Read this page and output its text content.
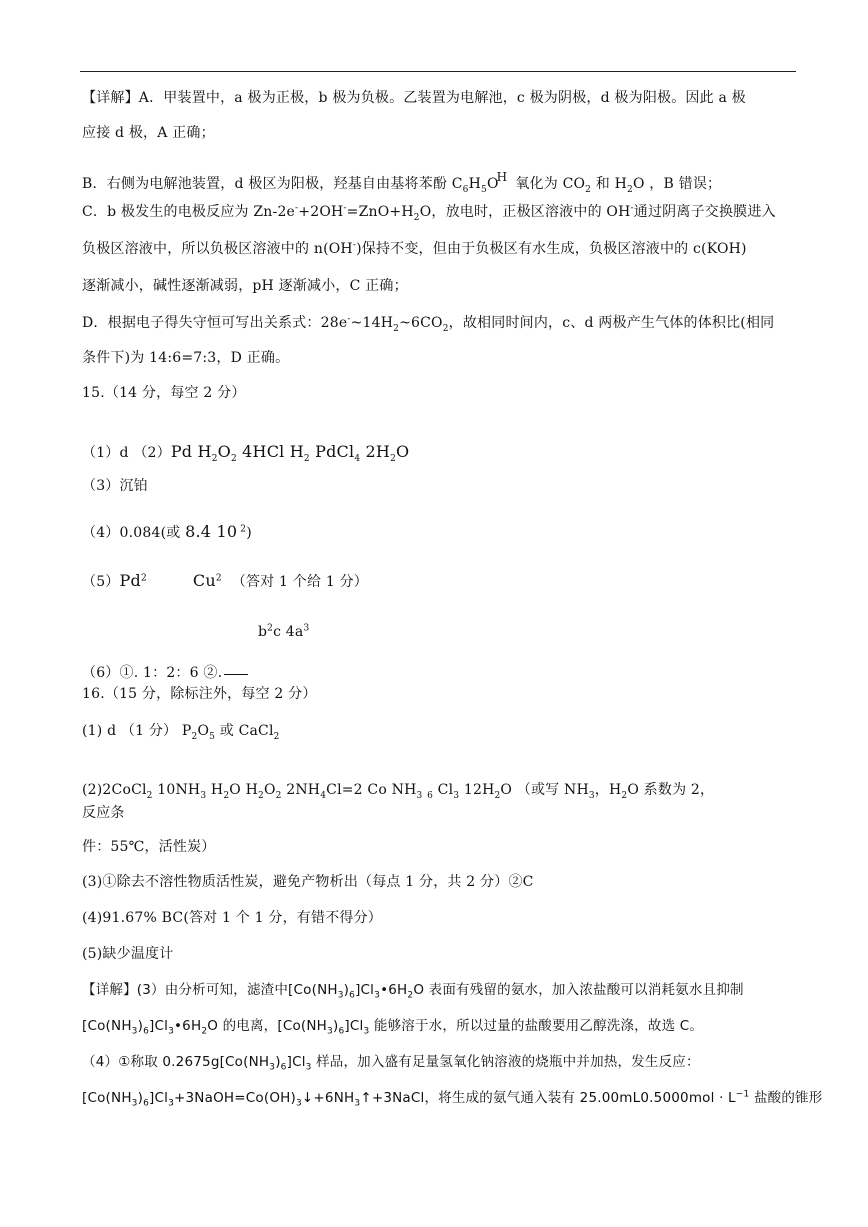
【详解】A．甲装置中，a 极为正极，b 极为负极。乙装置为电解池，c 极为阴极，d 极为阳极。因此 a 极
应接 d 极，A 正确；
B．右侧为电解池装置，d 极区为阳极，羟基自由基将苯酚 $C_6H_5OH$ 氧化为 $CO_2$ 和 $H_2O$ ，B 错误；
C．b 极发生的电极反应为 $Zn-2e^-+2OH^-=ZnO+H_2O$，放电时，正极区溶液中的 OH-通过阴离子交换膜进入
负极区溶液中，所以负极区溶液中的 n(OH-)保持不变，但由于负极区有水生成，负极区溶液中的 c(KOH)
逐渐减小，碱性逐渐减弱，pH 逐渐减小，C 正确；
D．根据电子得失守恒可写出关系式：$28e^-\sim 14H_2\sim 6CO_2$，故相同时间内，c、d 两极产生气体的体积比(相同
条件下)为 14:6=7:3，D 正确。
15.（14 分，每空 2 分）
（1）d （2）Pd $H_2O_2$ 4HCl $H_2$ PdCl$_4$ $2H_2O$
（3）沉铂
（4）0.084(或 8.4 10 $^2$)
（5）Pd$^2$	Cu$^2$ （答对 1 个给 1 分）
$b^2c$ $4a^3$
（6）①. 1：2：6 ②.
16.（15 分，除标注外，每空 2 分）
(1) d （1 分） $P_2O_5$ 或 CaCl$_2$
(2)2CoCl$_2$ $10NH_3$ $H_2O$ $H_2O_2$ $2NH_4Cl=2$ Co $NH_3$ $_6$ $Cl_3$ $12H_2O$ （或写 $NH_3$，$H_2O$ 系数为 2，
反应条
件：55℃，活性炭）
(3)①除去不溶性物质活性炭，避免产物析出（每点 1 分，共 2 分）②C
(4)91.67% BC(答对 1 个 1 分，有错不得分）
(5)缺少温度计
【详解】(3）由分析可知，滤渣中$[Co(NH_3)_6]Cl_3•6H_2O$ 表面有残留的氨水，加入浓盐酸可以消耗氨水且抑制
$[Co(NH_3)_6]Cl_3•6H_2O$ 的电离，$[Co(NH_3)_6]Cl_3$ 能够溶于水，所以过量的盐酸要用乙醇洗涤，故选 C。
（4）①称取 $0.2675g[Co(NH_3)_6]Cl_3$ 样品，加入盛有足量氢氧化钠溶液的烧瓶中并加热，发生反应：
$[Co(NH_3)_6]Cl_3+3NaOH=Co(OH)_3↓+6NH_3↑+3NaCl$，将生成的氨气通入装有 $25.00mL0.5000mol \cdot L^{-1}$ 盐酸的锥形
